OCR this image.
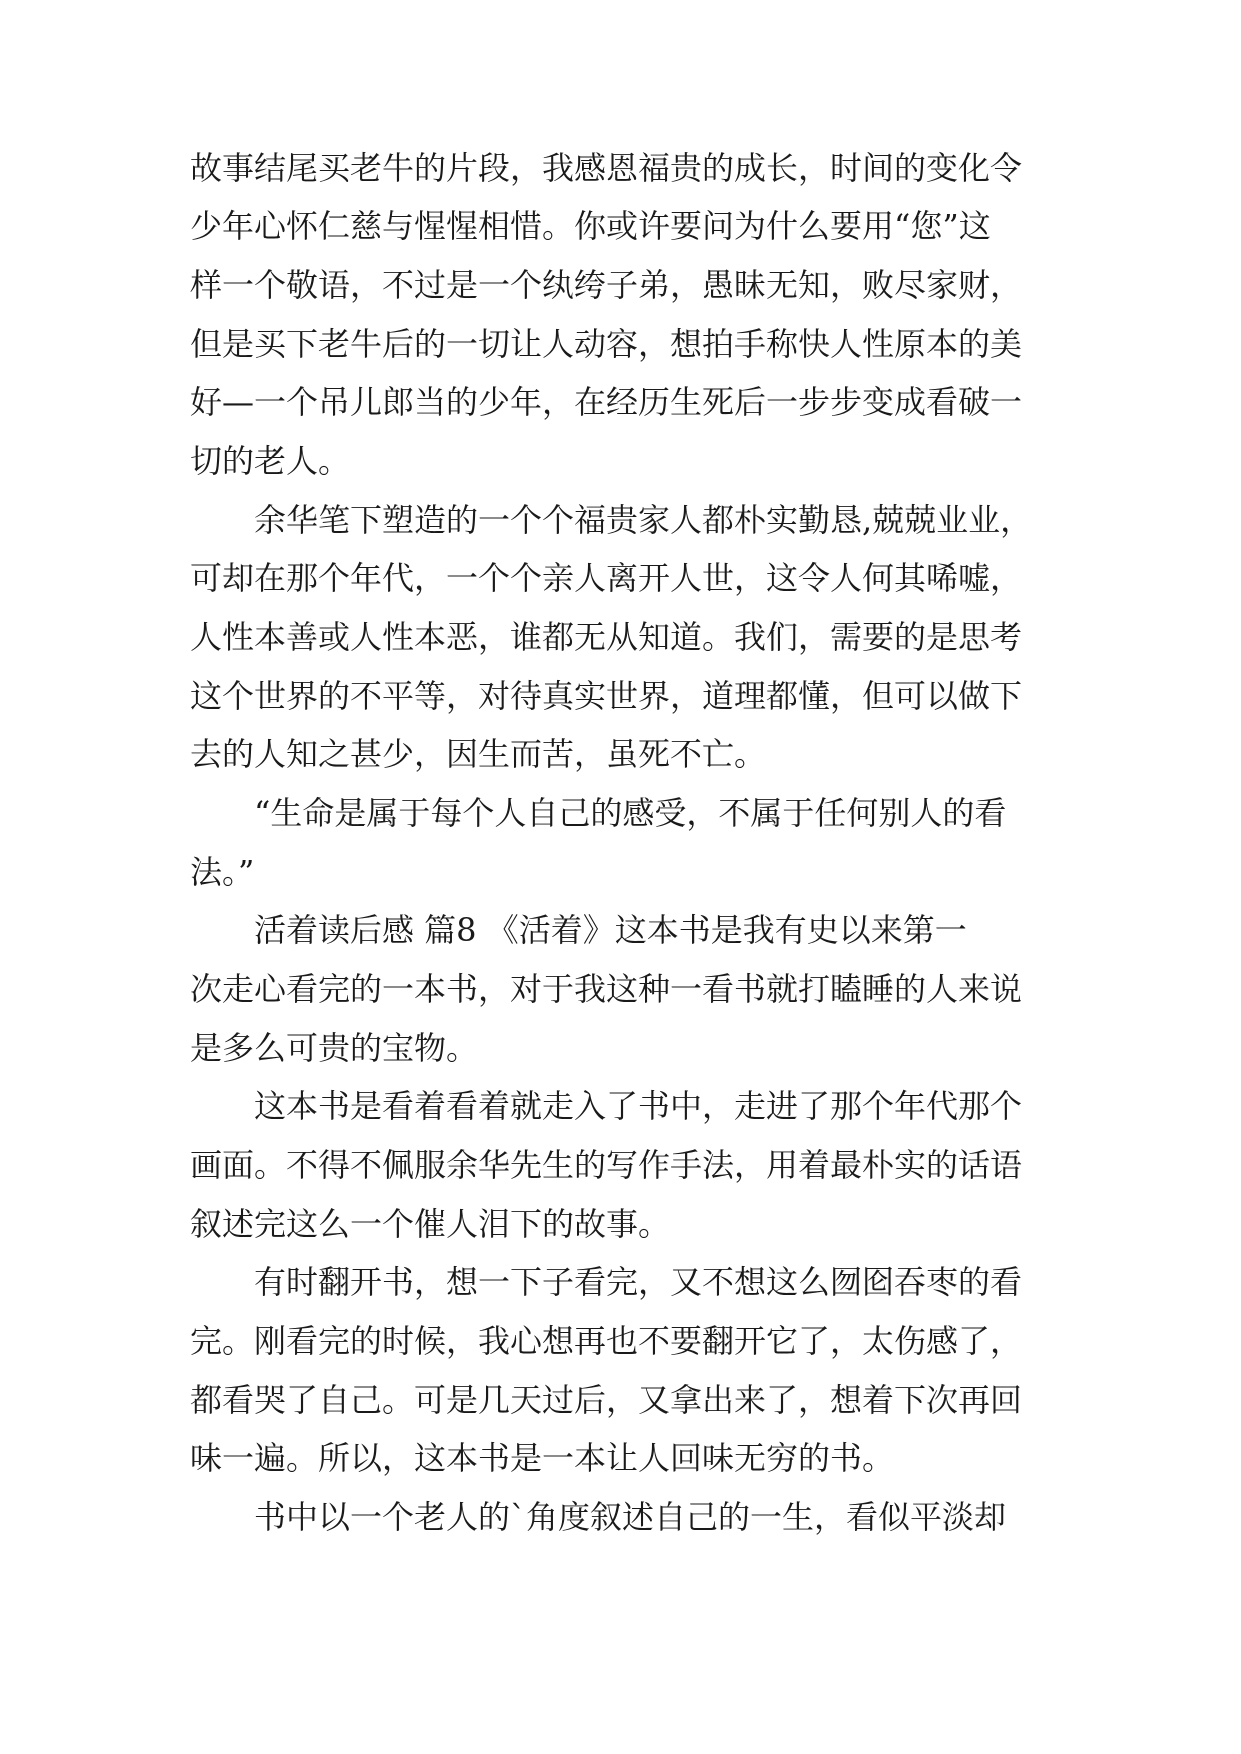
故事结尾买老牛的片段，我感恩福贵的成长，时间的变化令
少年心怀仁慈与惺惺相惜。你或许要问为什么要用“您”这
样一个敬语，不过是一个纨绔子弟，愚昧无知，败尽家财，
但是买下老牛后的一切让人动容，想拍手称快人性原本的美
好—一个吊儿郎当的少年，在经历生死后一步步变成看破一
切的老人。
余华笔下塑造的一个个福贵家人都朴实勤恳,兢兢业业，
可却在那个年代，一个个亲人离开人世，这令人何其唏嘘，
人性本善或人性本恶，谁都无从知道。我们，需要的是思考
这个世界的不平等，对待真实世界，道理都懂，但可以做下
去的人知之甚少，因生而苦，虽死不亡。
“生命是属于每个人自己的感受，不属于任何别人的看
法。”
活着读后感 篇8 《活着》这本书是我有史以来第一
次走心看完的一本书，对于我这种一看书就打瞌睡的人来说
是多么可贵的宝物。
这本书是看着看着就走入了书中，走进了那个年代那个
画面。不得不佩服余华先生的写作手法，用着最朴实的话语
叙述完这么一个催人泪下的故事。
有时翻开书，想一下子看完，又不想这么囫囵吞枣的看
完。刚看完的时候，我心想再也不要翻开它了，太伤感了，
都看哭了自己。可是几天过后，又拿出来了，想着下次再回
味一遍。所以，这本书是一本让人回味无穷的书。
书中以一个老人的`角度叙述自己的一生，看似平淡却
